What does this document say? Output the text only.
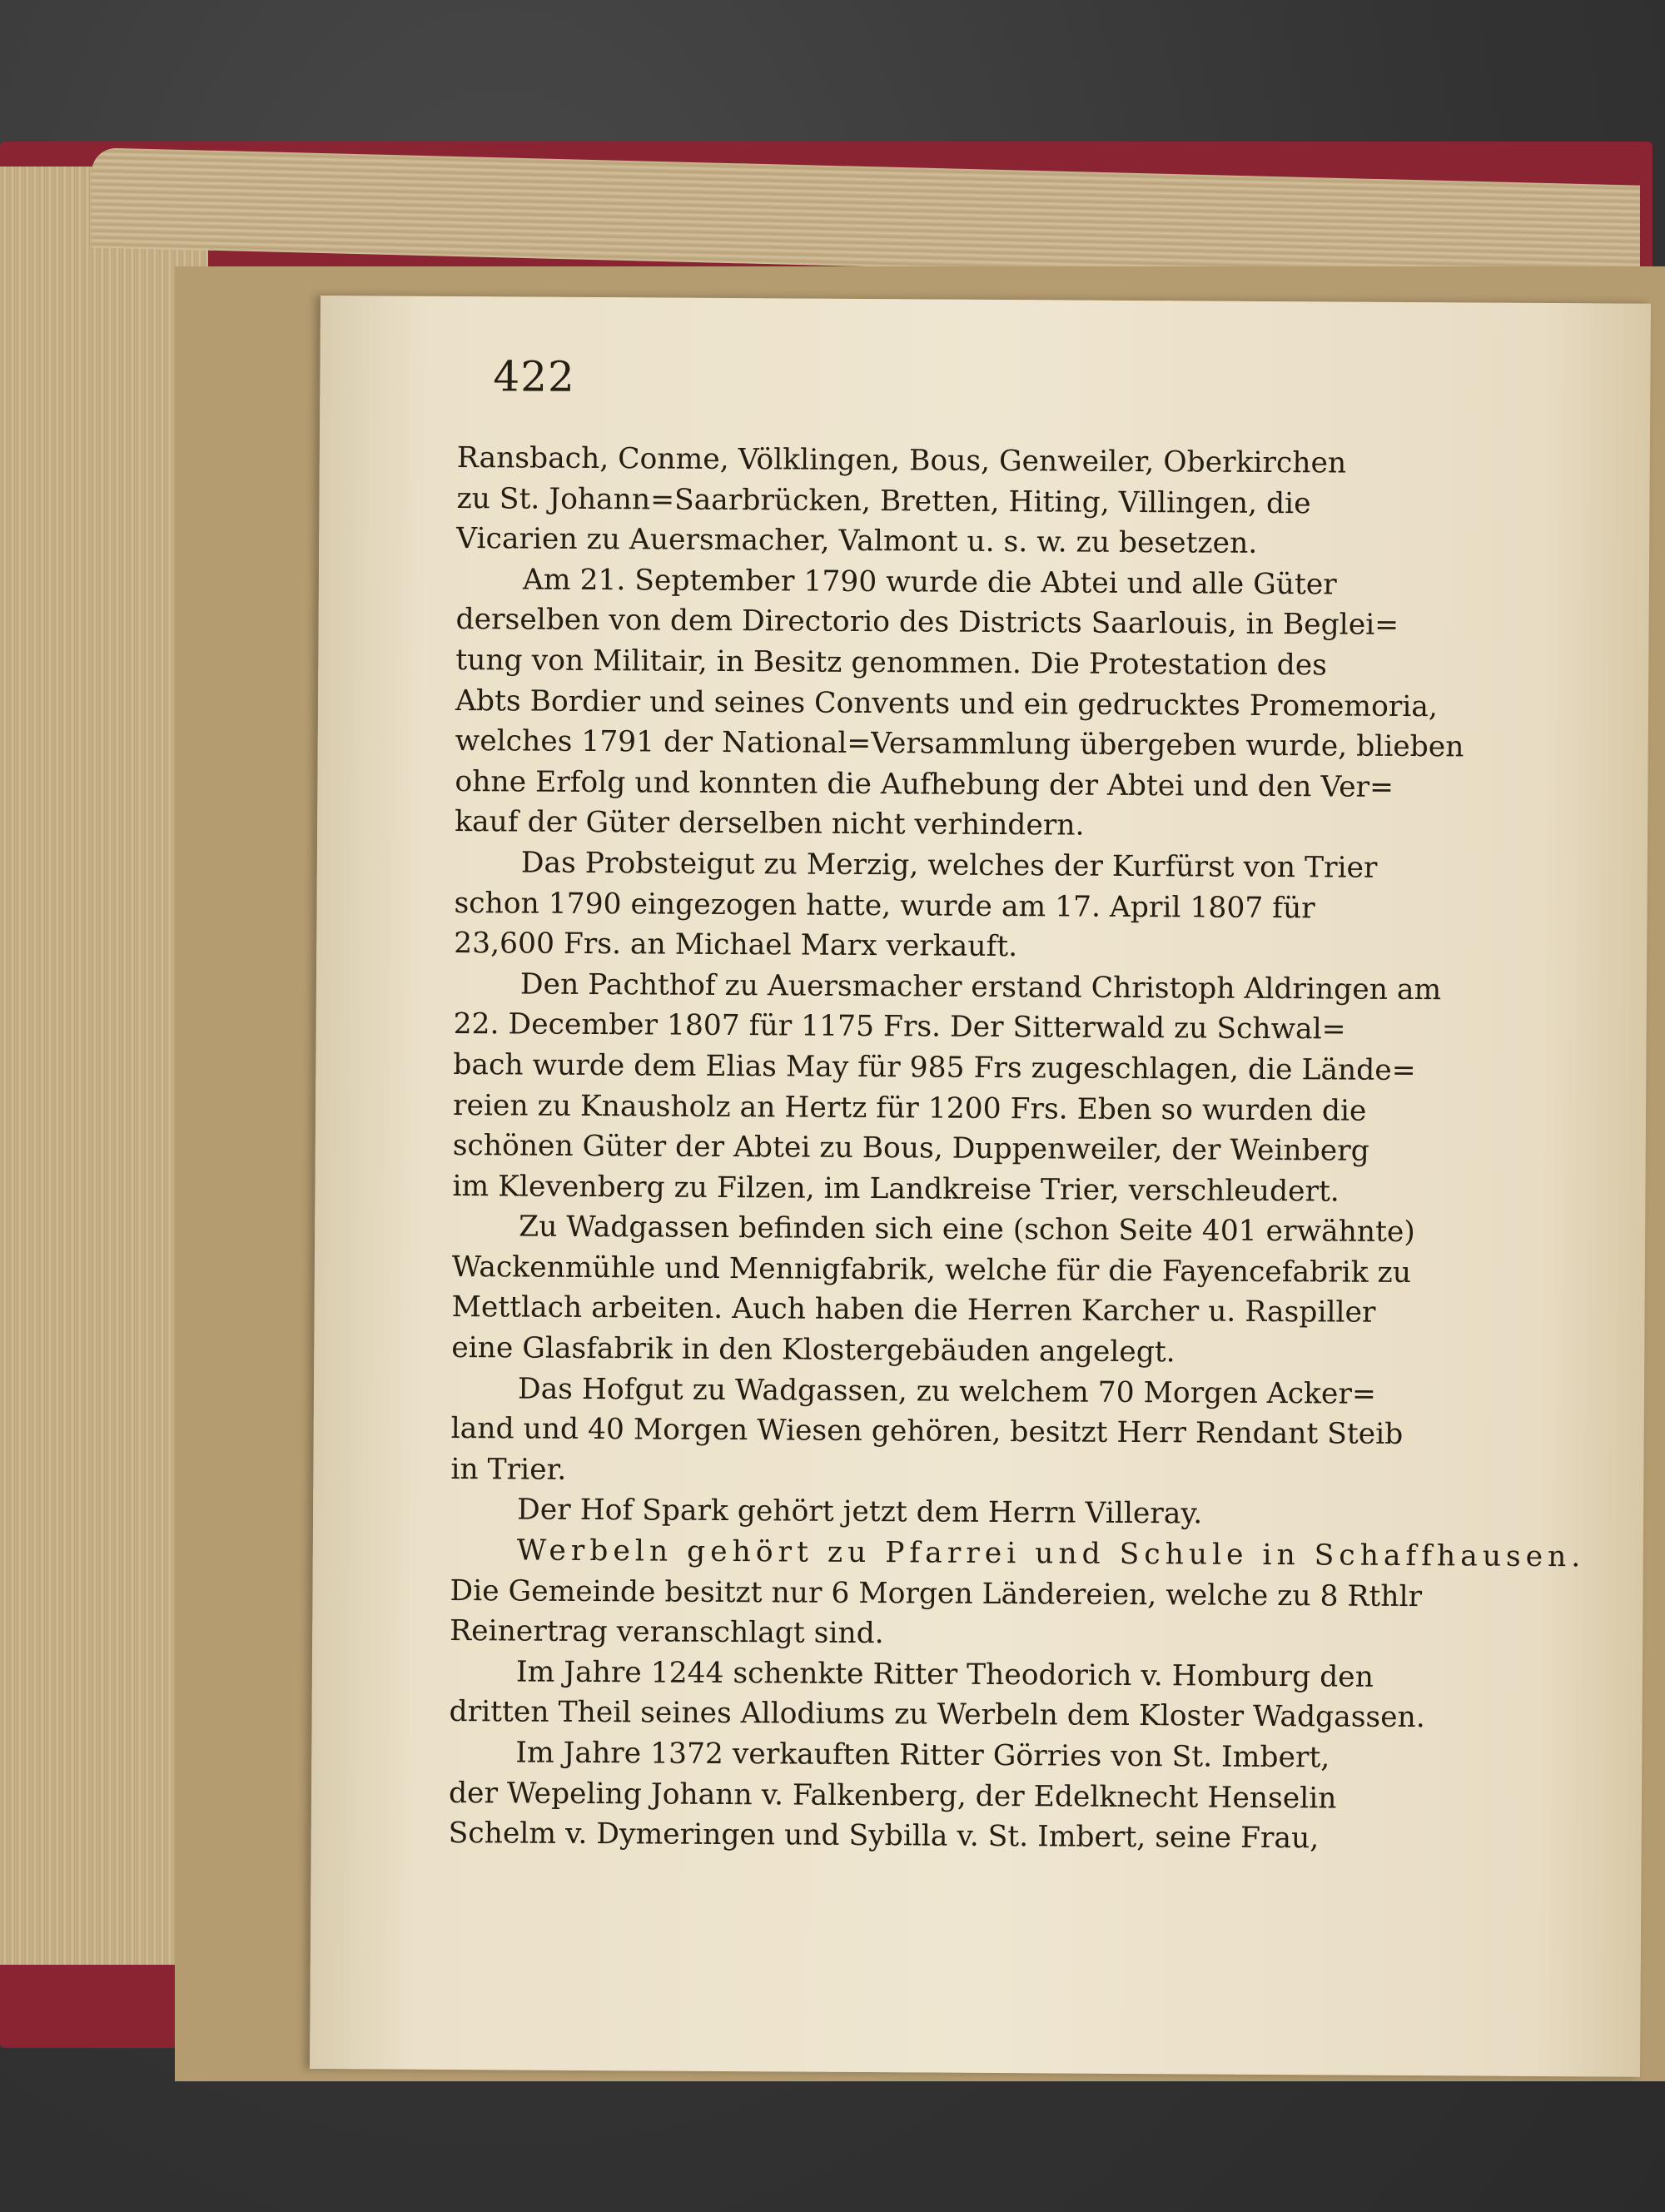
422
Ransbach, Conme, Völklingen, Bous, Genweiler, Oberkirchen
zu St. Johann=Saarbrücken, Bretten, Hiting, Villingen, die
Vicarien zu Auersmacher, Valmont u. s. w. zu besetzen.
Am 21. September 1790 wurde die Abtei und alle Güter
derselben von dem Directorio des Districts Saarlouis, in Beglei=
tung von Militair, in Besitz genommen. Die Protestation des
Abts Bordier und seines Convents und ein gedrucktes Promemoria,
welches 1791 der National=Versammlung übergeben wurde, blieben
ohne Erfolg und konnten die Aufhebung der Abtei und den Ver=
kauf der Güter derselben nicht verhindern.
Das Probsteigut zu Merzig, welches der Kurfürst von Trier
schon 1790 eingezogen hatte, wurde am 17. April 1807 für
23,600 Frs. an Michael Marx verkauft.
Den Pachthof zu Auersmacher erstand Christoph Aldringen am
22. December 1807 für 1175 Frs. Der Sitterwald zu Schwal=
bach wurde dem Elias May für 985 Frs zugeschlagen, die Lände=
reien zu Knausholz an Hertz für 1200 Frs. Eben so wurden die
schönen Güter der Abtei zu Bous, Duppenweiler, der Weinberg
im Klevenberg zu Filzen, im Landkreise Trier, verschleudert.
Zu Wadgassen befinden sich eine (schon Seite 401 erwähnte)
Wackenmühle und Mennigfabrik, welche für die Fayencefabrik zu
Mettlach arbeiten. Auch haben die Herren Karcher u. Raspiller
eine Glasfabrik in den Klostergebäuden angelegt.
Das Hofgut zu Wadgassen, zu welchem 70 Morgen Acker=
land und 40 Morgen Wiesen gehören, besitzt Herr Rendant Steib
in Trier.
Der Hof Spark gehört jetzt dem Herrn Villeray.
Werbeln gehört zu Pfarrei und Schule in Schaffhausen.
Die Gemeinde besitzt nur 6 Morgen Ländereien, welche zu 8 Rthlr
Reinertrag veranschlagt sind.
Im Jahre 1244 schenkte Ritter Theodorich v. Homburg den
dritten Theil seines Allodiums zu Werbeln dem Kloster Wadgassen.
Im Jahre 1372 verkauften Ritter Görries von St. Imbert,
der Wepeling Johann v. Falkenberg, der Edelknecht Henselin
Schelm v. Dymeringen und Sybilla v. St. Imbert, seine Frau,
